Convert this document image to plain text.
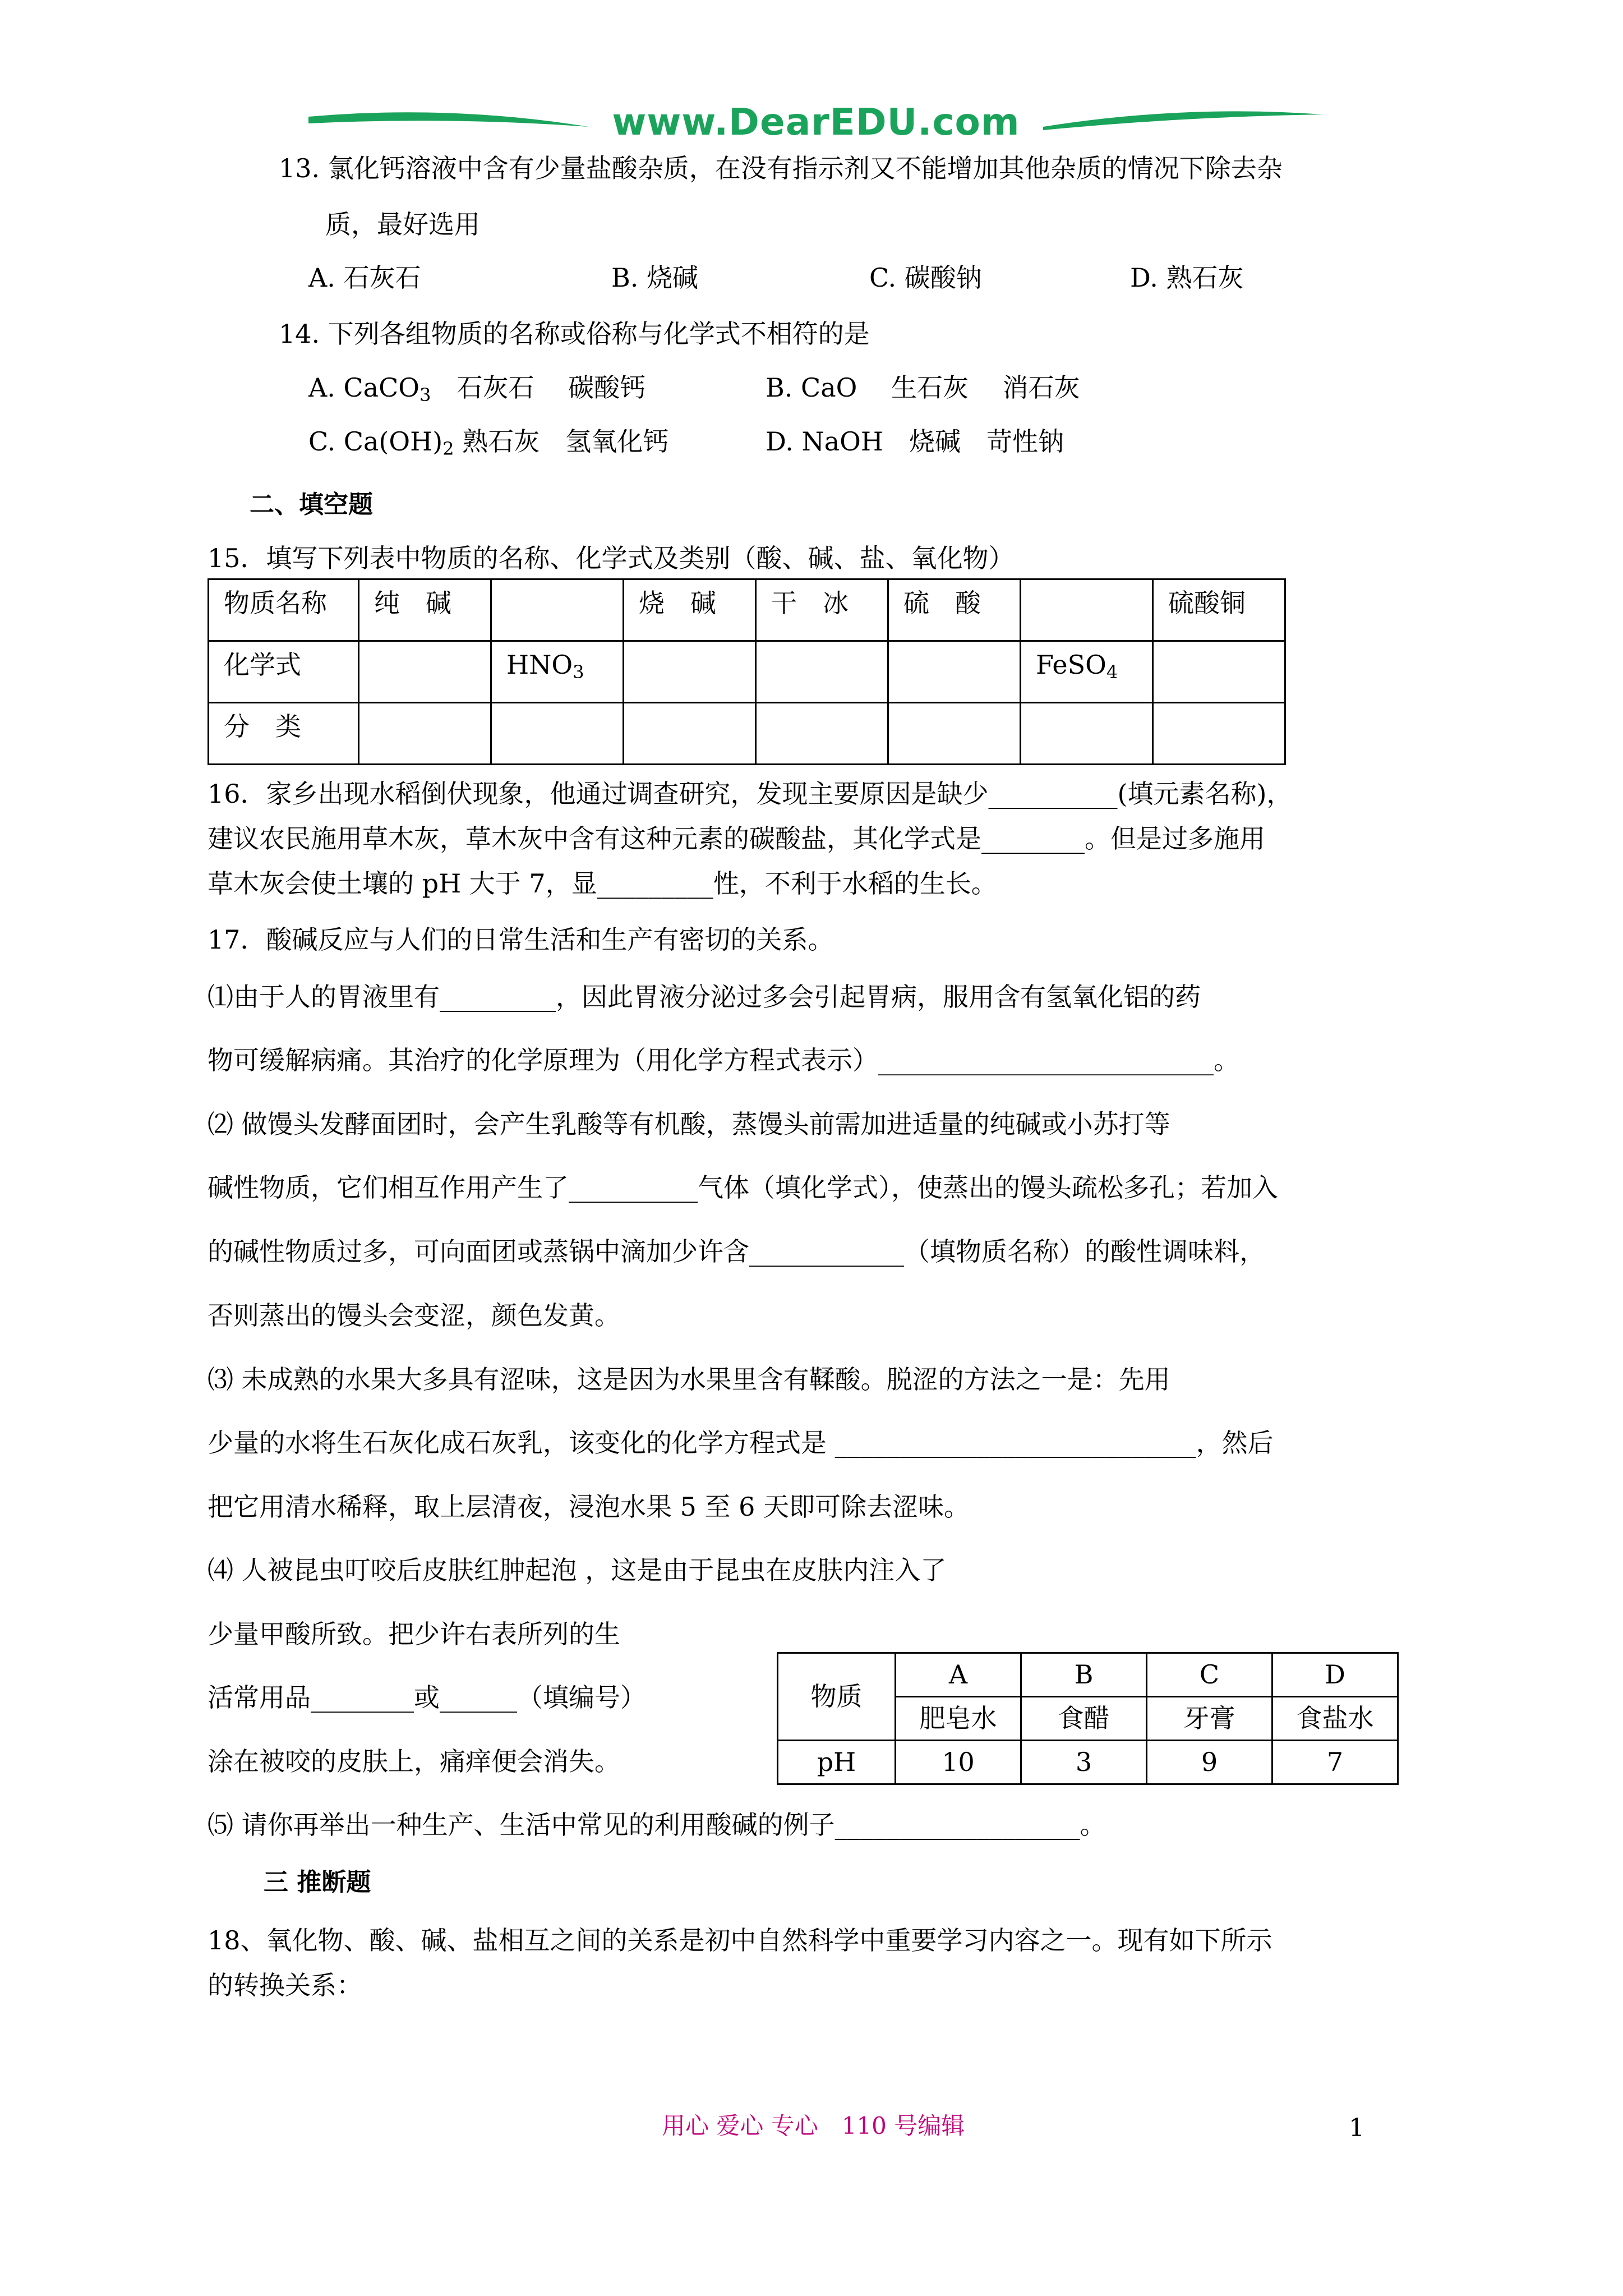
www.DearEDU.com
13. 氯化钙溶液中含有少量盐酸杂质，在没有指示剂又不能增加其他杂质的情况下除去杂
质，最好选用
A. 石灰石	B. 烧碱	C. 碳酸钠	D. 熟石灰
14. 下列各组物质的名称或俗称与化学式不相符的是
A. CaCO$_3$　 石灰石　 碳酸钙	B. CaO　 生石灰　 消石灰
C. $Ca(OH)_2$ 熟石灰　氢氧化钙	D. NaOH　烧碱　苛性钠
二、填空题
15．填写下列表中物质的名称、化学式及类别（酸、碱、盐、氧化物）
物质名称	纯　碱		烧　碱	干　冰	硫　酸		硫酸铜
化学式		$HNO_3$				FeSO$_4$	
分　类							
16．家乡出现水稻倒伏现象，他通过调查研究，发现主要原因是缺少__________(填元素名称)，
建议农民施用草木灰，草木灰中含有这种元素的碳酸盐，其化学式是________。但是过多施用
草木灰会使土壤的 pH 大于 7，显_________性，不利于水稻的生长。
17．酸碱反应与人们的日常生活和生产有密切的关系。
⑴由于人的胃液里有_________，因此胃液分泌过多会引起胃病，服用含有氢氧化铝的药
物可缓解病痛。其治疗的化学原理为（用化学方程式表示）__________________________。
⑵ 做馒头发酵面团时，会产生乳酸等有机酸，蒸馒头前需加进适量的纯碱或小苏打等
碱性物质，它们相互作用产生了__________气体（填化学式），使蒸出的馒头疏松多孔；若加入
的碱性物质过多，可向面团或蒸锅中滴加少许含____________（填物质名称）的酸性调味料，
否则蒸出的馒头会变涩，颜色发黄。
⑶ 未成熟的水果大多具有涩味，这是因为水果里含有鞣酸。脱涩的方法之一是：先用
少量的水将生石灰化成石灰乳，该变化的化学方程式是 ____________________________，然后
把它用清水稀释，取上层清夜，浸泡水果 5 至 6 天即可除去涩味。
⑷ 人被昆虫叮咬后皮肤红肿起泡 ，这是由于昆虫在皮肤内注入了
少量甲酸所致。把少许右表所列的生
活常用品________或______（填编号）
涂在被咬的皮肤上，痛痒便会消失。
物质	A	B	C	D
	肥皂水	食醋	牙膏	食盐水
pH	10	3	9	7
⑸ 请你再举出一种生产、生活中常见的利用酸碱的例子___________________。
三 推断题
18、氧化物、酸、碱、盐相互之间的关系是初中自然科学中重要学习内容之一。现有如下所示
的转换关系：
用心 爱心 专心　110 号编辑	1
